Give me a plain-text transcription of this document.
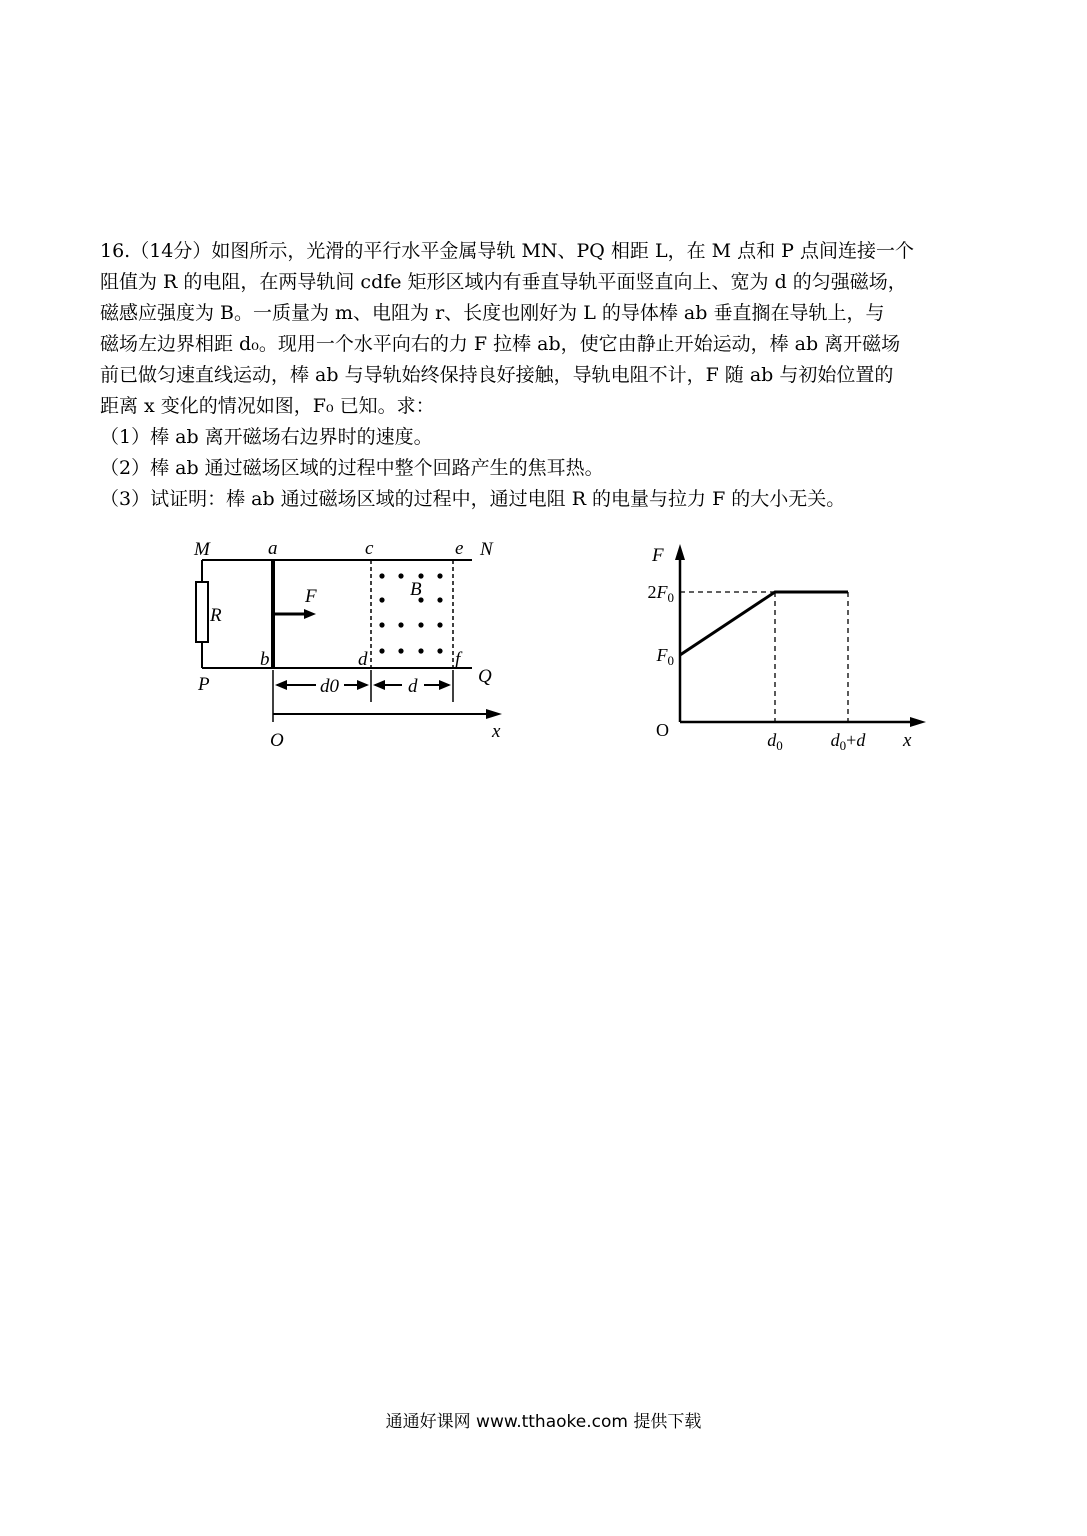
16.（14分）如图所示，光滑的平行水平金属导轨 MN、PQ 相距 L，在 M 点和 P 点间连接一个
阻值为 R 的电阻，在两导轨间 cdfe 矩形区域内有垂直导轨平面竖直向上、宽为 d 的匀强磁场，
磁感应强度为 B。一质量为 m、电阻为 r、长度也刚好为 L 的导体棒 ab 垂直搁在导轨上，与
磁场左边界相距 d₀。现用一个水平向右的力 F 拉棒 ab，使它由静止开始运动，棒 ab 离开磁场
前已做匀速直线运动，棒 ab 与导轨始终保持良好接触，导轨电阻不计，F 随 ab 与初始位置的
距离 x 变化的情况如图，F₀ 已知。求：

（1）棒 ab 离开磁场右边界时的速度。

（2）棒 ab 通过磁场区域的过程中整个回路产生的焦耳热。

（3）试证明：棒 ab 通过磁场区域的过程中，通过电阻 R 的电量与拉力 F 的大小无关。

M	a	c	e N
R
F	B
b	d	f
P	Q
d0	d
O	x
$F_0$
$2F_0$
$d_0$	$d_0+d$
F
x
O
通通好课网 www.tthaoke.com 提供下载
